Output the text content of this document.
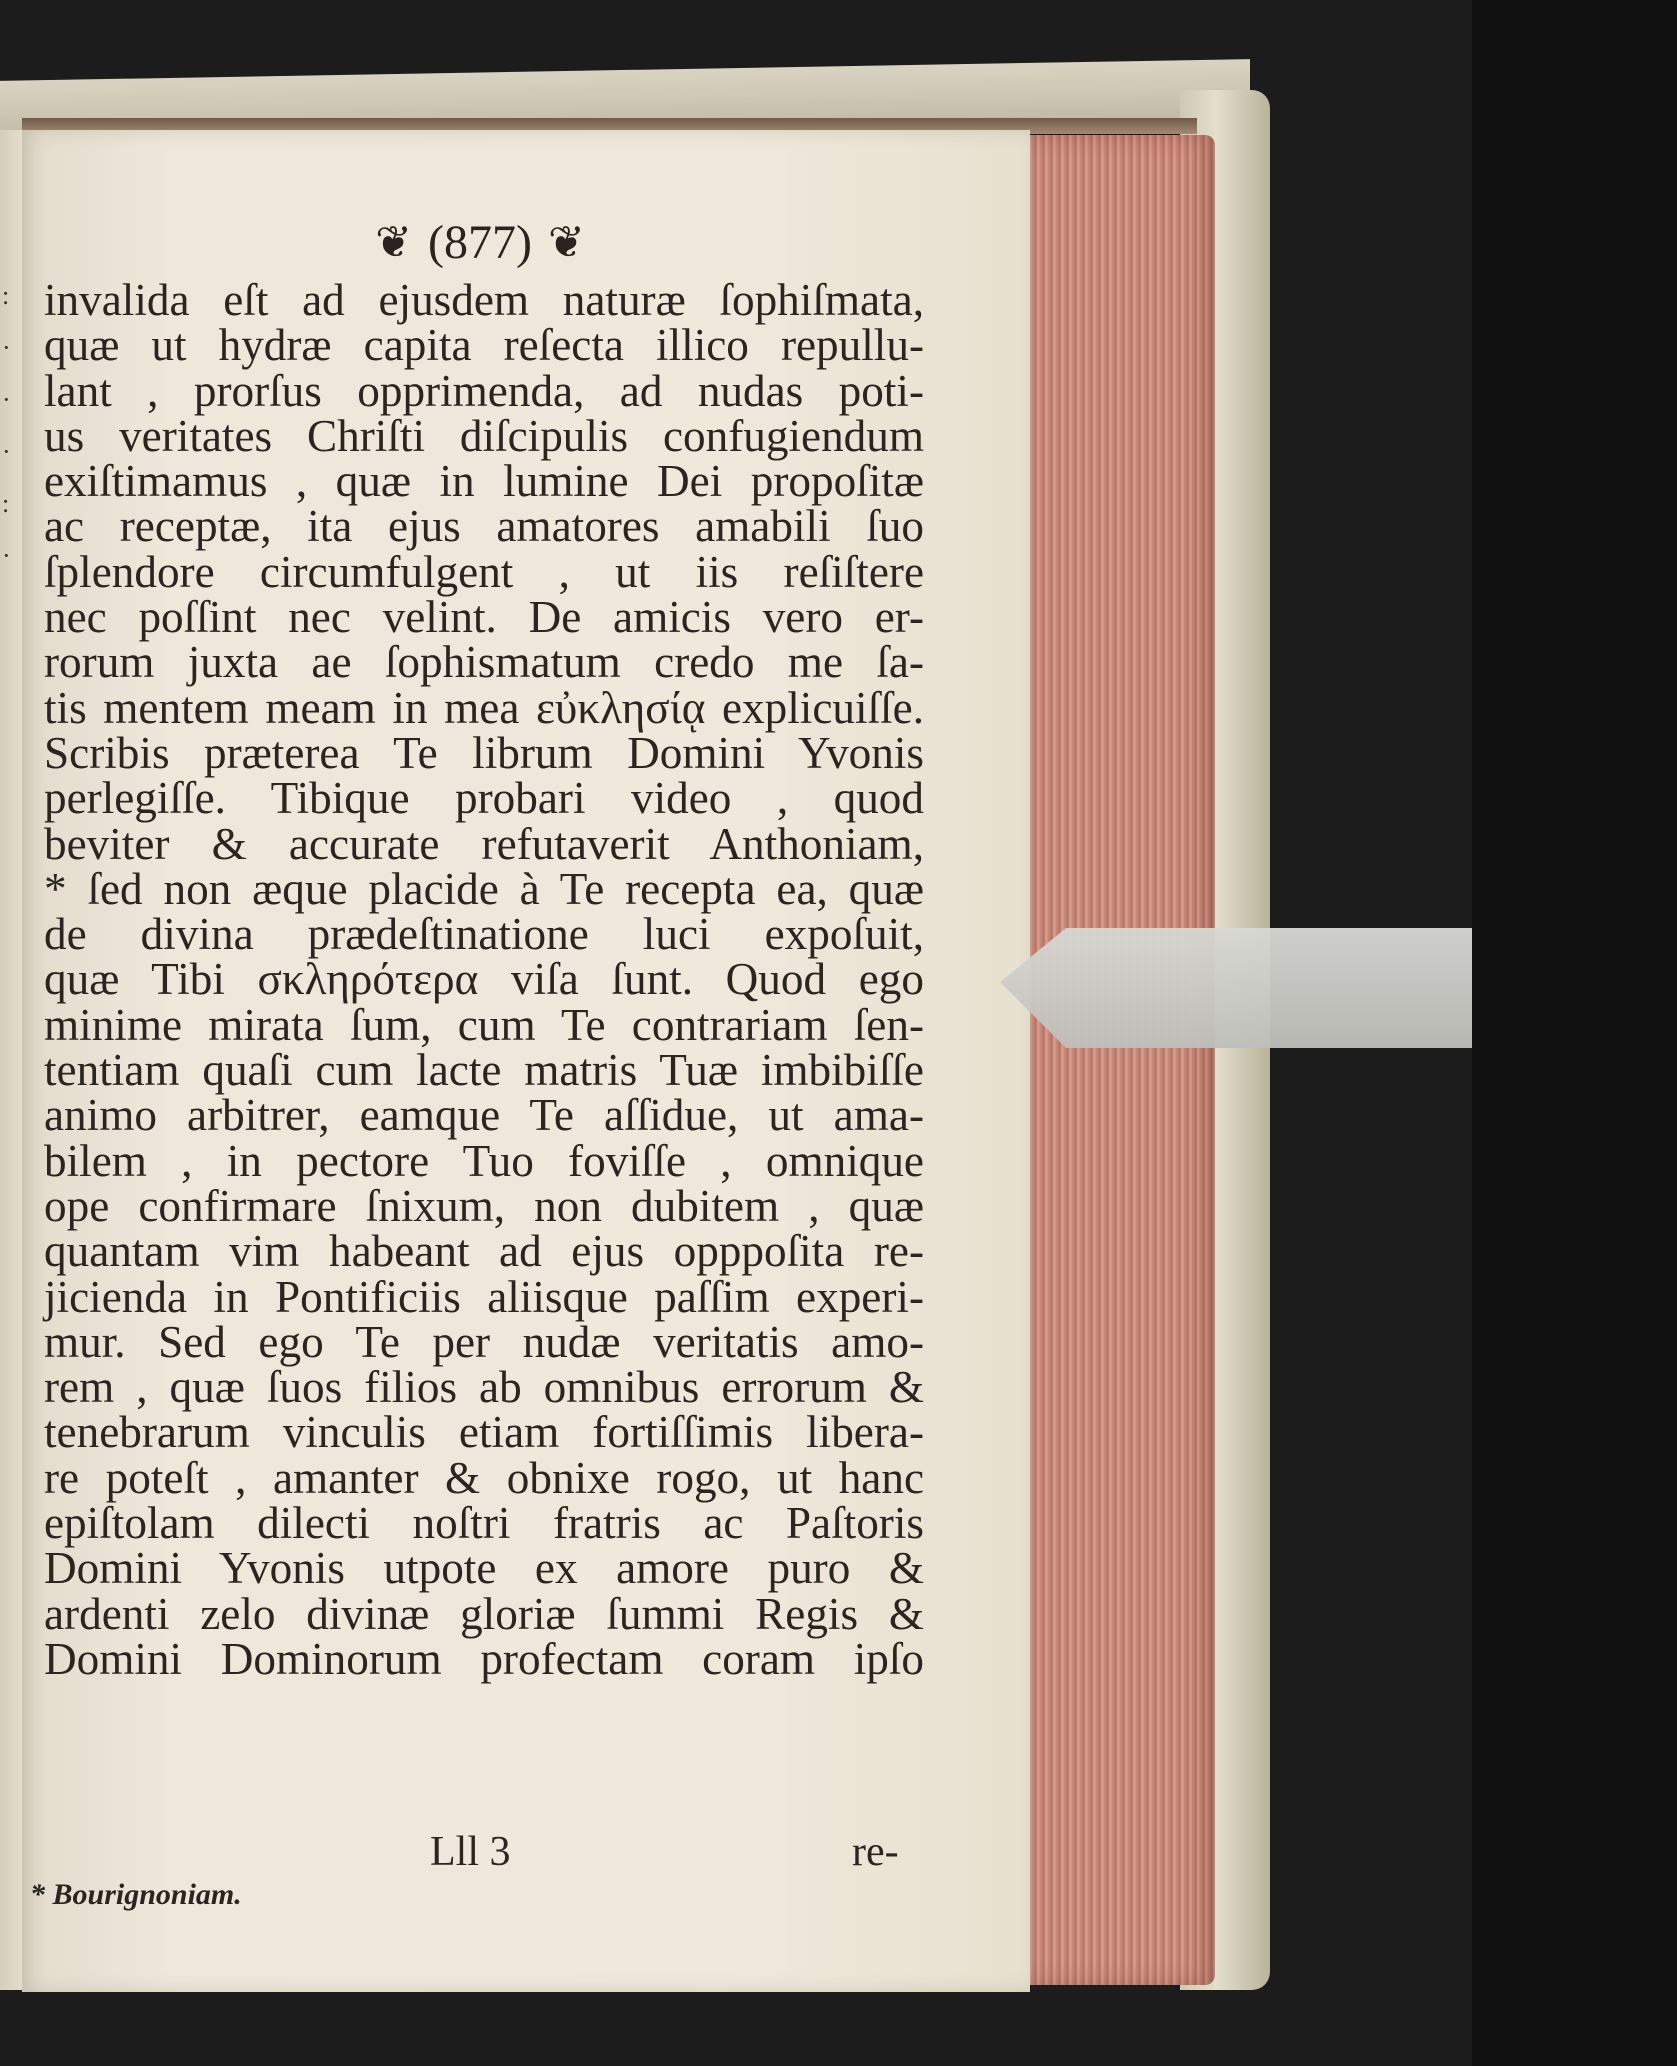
:
·
·
·
:
·
❦ (877) ❦
invalida eſt ad ejusdem naturæ ſophiſmata,
quæ ut hydræ capita reſecta illico repullu-
lant , prorſus opprimenda, ad nudas poti-
us veritates Chriſti diſcipulis confugiendum
exiſtimamus , quæ in lumine Dei propoſitæ
ac receptæ, ita ejus amatores amabili ſuo
ſplendore circumfulgent , ut iis reſiſtere
nec poſſint nec velint. De amicis vero er-
rorum juxta ae ſophismatum credo me ſa-
tis mentem meam in mea εὐκλησίᾳ explicuiſſe.
Scribis præterea Te librum Domini Yvonis
perlegiſſe. Tibique probari video , quod
beviter & accurate refutaverit Anthoniam,
* ſed non æque placide à Te recepta ea, quæ
de divina prædeſtinatione luci expoſuit,
quæ Tibi σκληρότερα viſa ſunt. Quod ego
minime mirata ſum, cum Te contrariam ſen-
tentiam quaſi cum lacte matris Tuæ imbibiſſe
animo arbitrer, eamque Te aſſidue, ut ama-
bilem , in pectore Tuo foviſſe , omnique
ope confirmare ſnixum, non dubitem , quæ
quantam vim habeant ad ejus opppoſita re-
jicienda in Pontificiis aliisque paſſim experi-
mur. Sed ego Te per nudæ veritatis amo-
rem , quæ ſuos filios ab omnibus errorum &
tenebrarum vinculis etiam fortiſſimis libera-
re poteſt , amanter & obnixe rogo, ut hanc
epiſtolam dilecti noſtri fratris ac Paſtoris
Domini Yvonis utpote ex amore puro &
ardenti zelo divinæ gloriæ ſummi Regis &
Domini Dominorum profectam coram ipſo
Lll 3	re-
* Bourignoniam.
